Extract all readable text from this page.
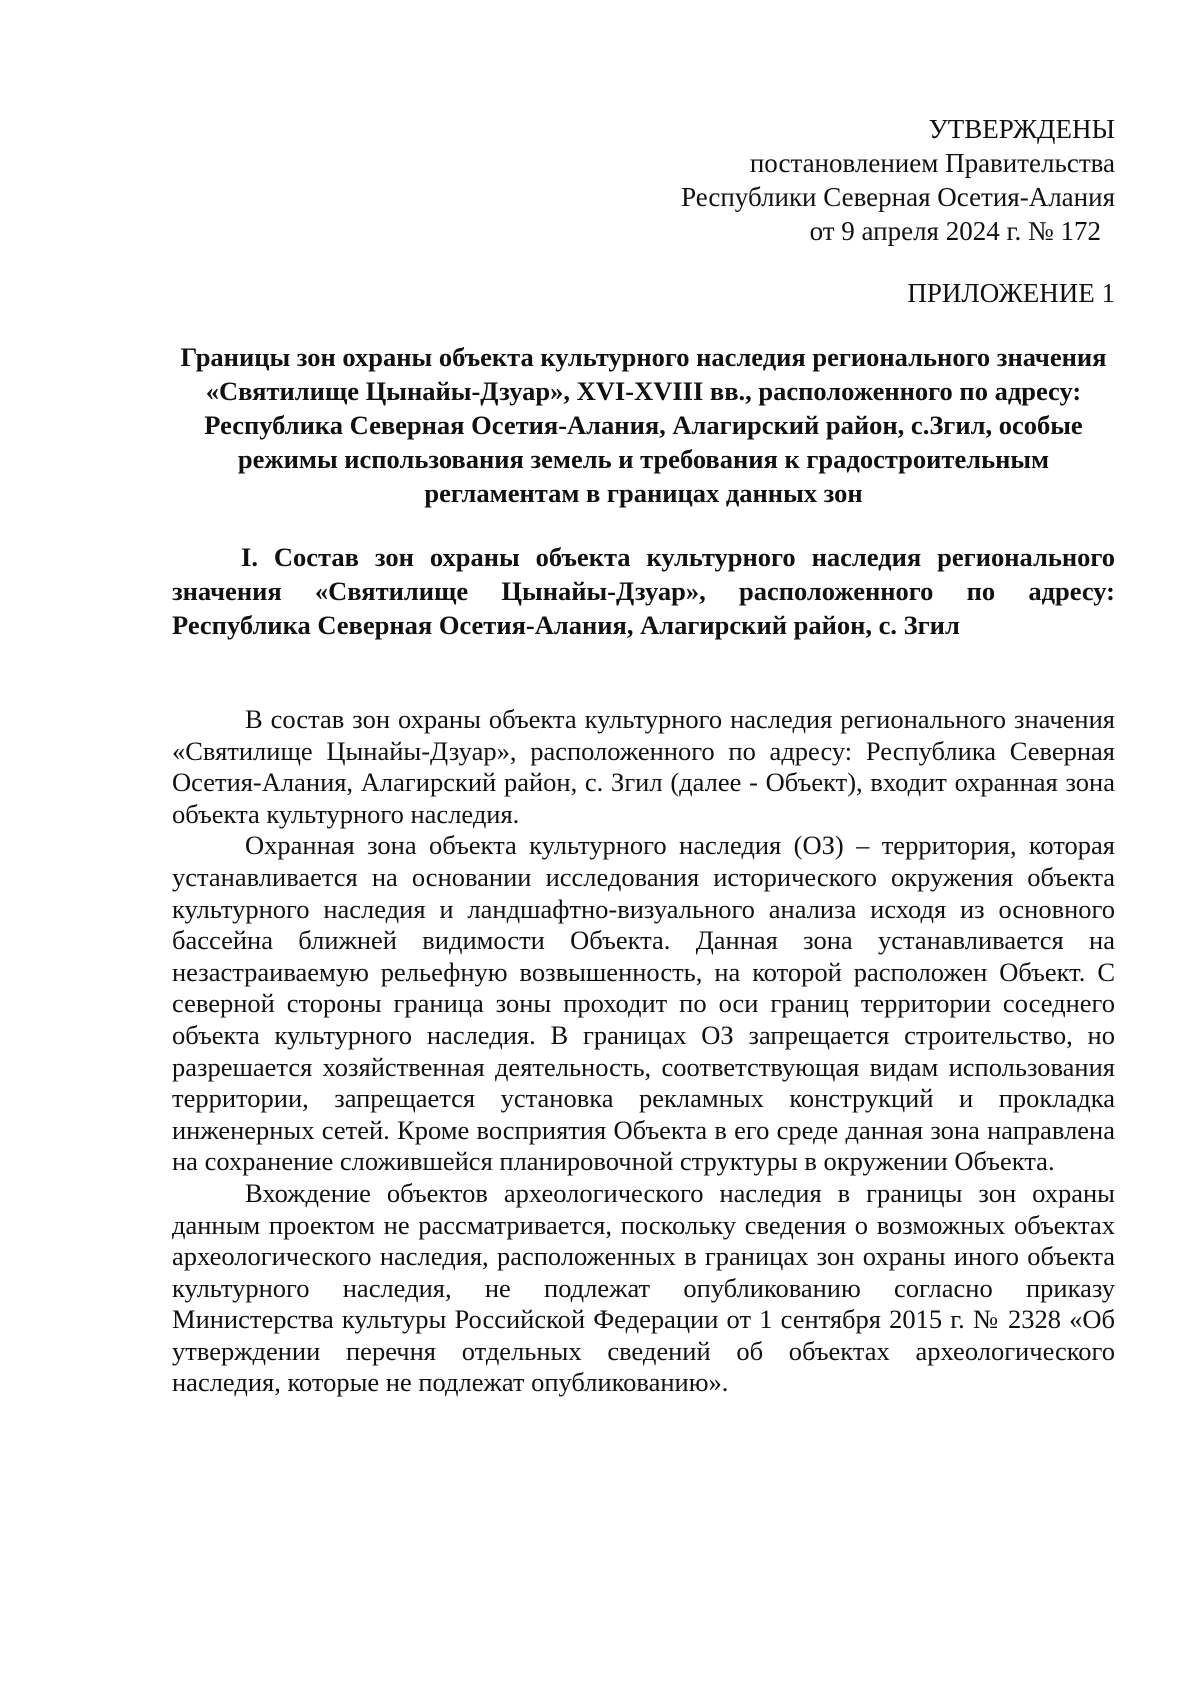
УТВЕРЖДЕНЫ
постановлением Правительства
Республики Северная Осетия-Алания
от 9 апреля 2024 г. № 172
ПРИЛОЖЕНИЕ 1
Границы зон охраны объекта культурного наследия регионального значения «Святилище Цынайы-Дзуар», XVI-XVIII вв., расположенного по адресу: Республика Северная Осетия-Алания, Алагирский район, с.Згил, особые режимы использования земель и требования к градостроительным регламентам в границах данных зон
I. Состав зон охраны объекта культурного наследия регионального значения «Святилище Цынайы-Дзуар», расположенного по адресу: Республика Северная Осетия-Алания, Алагирский район, с. Згил

В состав зон охраны объекта культурного наследия регионального значения «Святилище Цынайы-Дзуар», расположенного по адресу: Республика Северная Осетия-Алания, Алагирский район, с. Згил (далее - Объект), входит охранная зона объекта культурного наследия.

Охранная зона объекта культурного наследия (ОЗ) – территория, которая устанавливается на основании исследования исторического окружения объекта культурного наследия и ландшафтно-визуального анализа исходя из основного бассейна ближней видимости Объекта. Данная зона устанавливается на незастраиваемую рельефную возвышенность, на которой расположен Объект. С северной стороны граница зоны проходит по оси границ территории соседнего объекта культурного наследия. В границах ОЗ запрещается строительство, но разрешается хозяйственная деятельность, соответствующая видам использования территории, запрещается установка рекламных конструкций и прокладка инженерных сетей. Кроме восприятия Объекта в его среде данная зона направлена на сохранение сложившейся планировочной структуры в окружении Объекта.

Вхождение объектов археологического наследия в границы зон охраны данным проектом не рассматривается, поскольку сведения о возможных объектах археологического наследия, расположенных в границах зон охраны иного объекта культурного наследия, не подлежат опубликованию согласно приказу Министерства культуры Российской Федерации от 1 сентября 2015 г. № 2328 «Об утверждении перечня отдельных сведений об объектах археологического наследия, которые не подлежат опубликованию».
